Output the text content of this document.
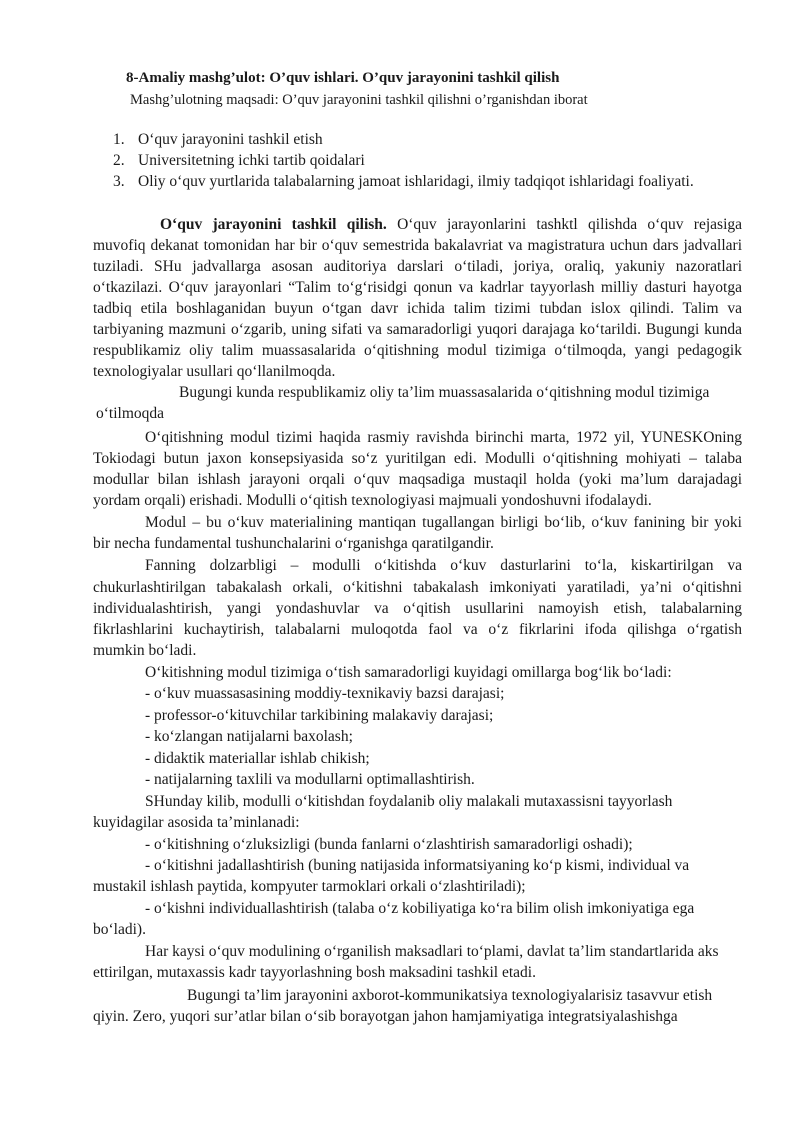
8-Amaliy mashg’ulot: O’quv ishlari. O’quv jarayonini tashkil qilish
Mashg’ulotning maqsadi: O’quv jarayonini tashkil qilishni o’rganishdan iborat
1. O‘quv jarayonini tashkil etish
2. Universitetning ichki tartib qoidalari
3. Oliy o‘quv yurtlarida talabalarning jamoat ishlaridagi, ilmiy tadqiqot ishlaridagi foaliyati.
O‘quv jarayonini tashkil qilish. O‘quv jarayonlarini tashktl qilishda o‘quv rejasiga
muvofiq dekanat tomonidan har bir o‘quv semestrida bakalavriat va magistratura uchun dars jadvallari
tuziladi. SHu jadvallarga asosan auditoriya darslari o‘tiladi, joriya, oraliq, yakuniy nazoratlari
o‘tkazilazi. O‘quv jarayonlari “Talim to‘g‘risidgi qonun va kadrlar tayyorlash milliy dasturi hayotga
tadbiq etila boshlaganidan buyun o‘tgan davr ichida talim tizimi tubdan islox qilindi. Talim va
tarbiyaning mazmuni o‘zgarib, uning sifati va samaradorligi yuqori darajaga ko‘tarildi. Bugungi kunda
respublikamiz oliy talim muassasalarida o‘qitishning modul tizimiga o‘tilmoqda, yangi pedagogik
texnologiyalar usullari qo‘llanilmoqda.
Bugungi kunda respublikamiz oliy ta’lim muassasalarida o‘qitishning modul tizimiga
o‘tilmoqda
O‘qitishning modul tizimi haqida rasmiy ravishda birinchi marta, 1972 yil, YUNESKOning
Tokiodagi butun jaxon konsepsiyasida so‘z yuritilgan edi. Modulli o‘qitishning mohiyati – talaba
modullar bilan ishlash jarayoni orqali o‘quv maqsadiga mustaqil holda (yoki ma’lum darajadagi
yordam orqali) erishadi. Modulli o‘qitish texnologiyasi majmuali yondoshuvni ifodalaydi.
Modul – bu o‘kuv materialining mantiqan tugallangan birligi bo‘lib, o‘kuv fanining bir yoki
bir necha fundamental tushunchalarini o‘rganishga qaratilgandir.
Fanning dolzarbligi – modulli o‘kitishda o‘kuv dasturlarini to‘la, kiskartirilgan va
chukurlashtirilgan tabakalash orkali, o‘kitishni tabakalash imkoniyati yaratiladi, ya’ni o‘qitishni
individualashtirish, yangi yondashuvlar va o‘qitish usullarini namoyish etish, talabalarning
fikrlashlarini kuchaytirish, talabalarni muloqotda faol va o‘z fikrlarini ifoda qilishga o‘rgatish
mumkin bo‘ladi.
O‘kitishning modul tizimiga o‘tish samaradorligi kuyidagi omillarga bog‘lik bo‘ladi:
- o‘kuv muassasasining moddiy-texnikaviy bazsi darajasi;
- professor-o‘kituvchilar tarkibining malakaviy darajasi;
- ko‘zlangan natijalarni baxolash;
- didaktik materiallar ishlab chikish;
- natijalarning taxlili va modullarni optimallashtirish.
SHunday kilib, modulli o‘kitishdan foydalanib oliy malakali mutaxassisni tayyorlash
kuyidagilar asosida ta’minlanadi:
- o‘kitishning o‘zluksizligi (bunda fanlarni o‘zlashtirish samaradorligi oshadi);
- o‘kitishni jadallashtirish (buning natijasida informatsiyaning ko‘p kismi, individual va
mustakil ishlash paytida, kompyuter tarmoklari orkali o‘zlashtiriladi);
- o‘kishni individuallashtirish (talaba o‘z kobiliyatiga ko‘ra bilim olish imkoniyatiga ega
bo‘ladi).
Har kaysi o‘quv modulining o‘rganilish maksadlari to‘plami, davlat ta’lim standartlarida aks
ettirilgan, mutaxassis kadr tayyorlashning bosh maksadini tashkil etadi.
Bugungi ta’lim jarayonini axborot-kommunikatsiya texnologiyalarisiz tasavvur etish
qiyin. Zero, yuqori sur’atlar bilan o‘sib borayotgan jahon hamjamiyatiga integratsiyalashishga
